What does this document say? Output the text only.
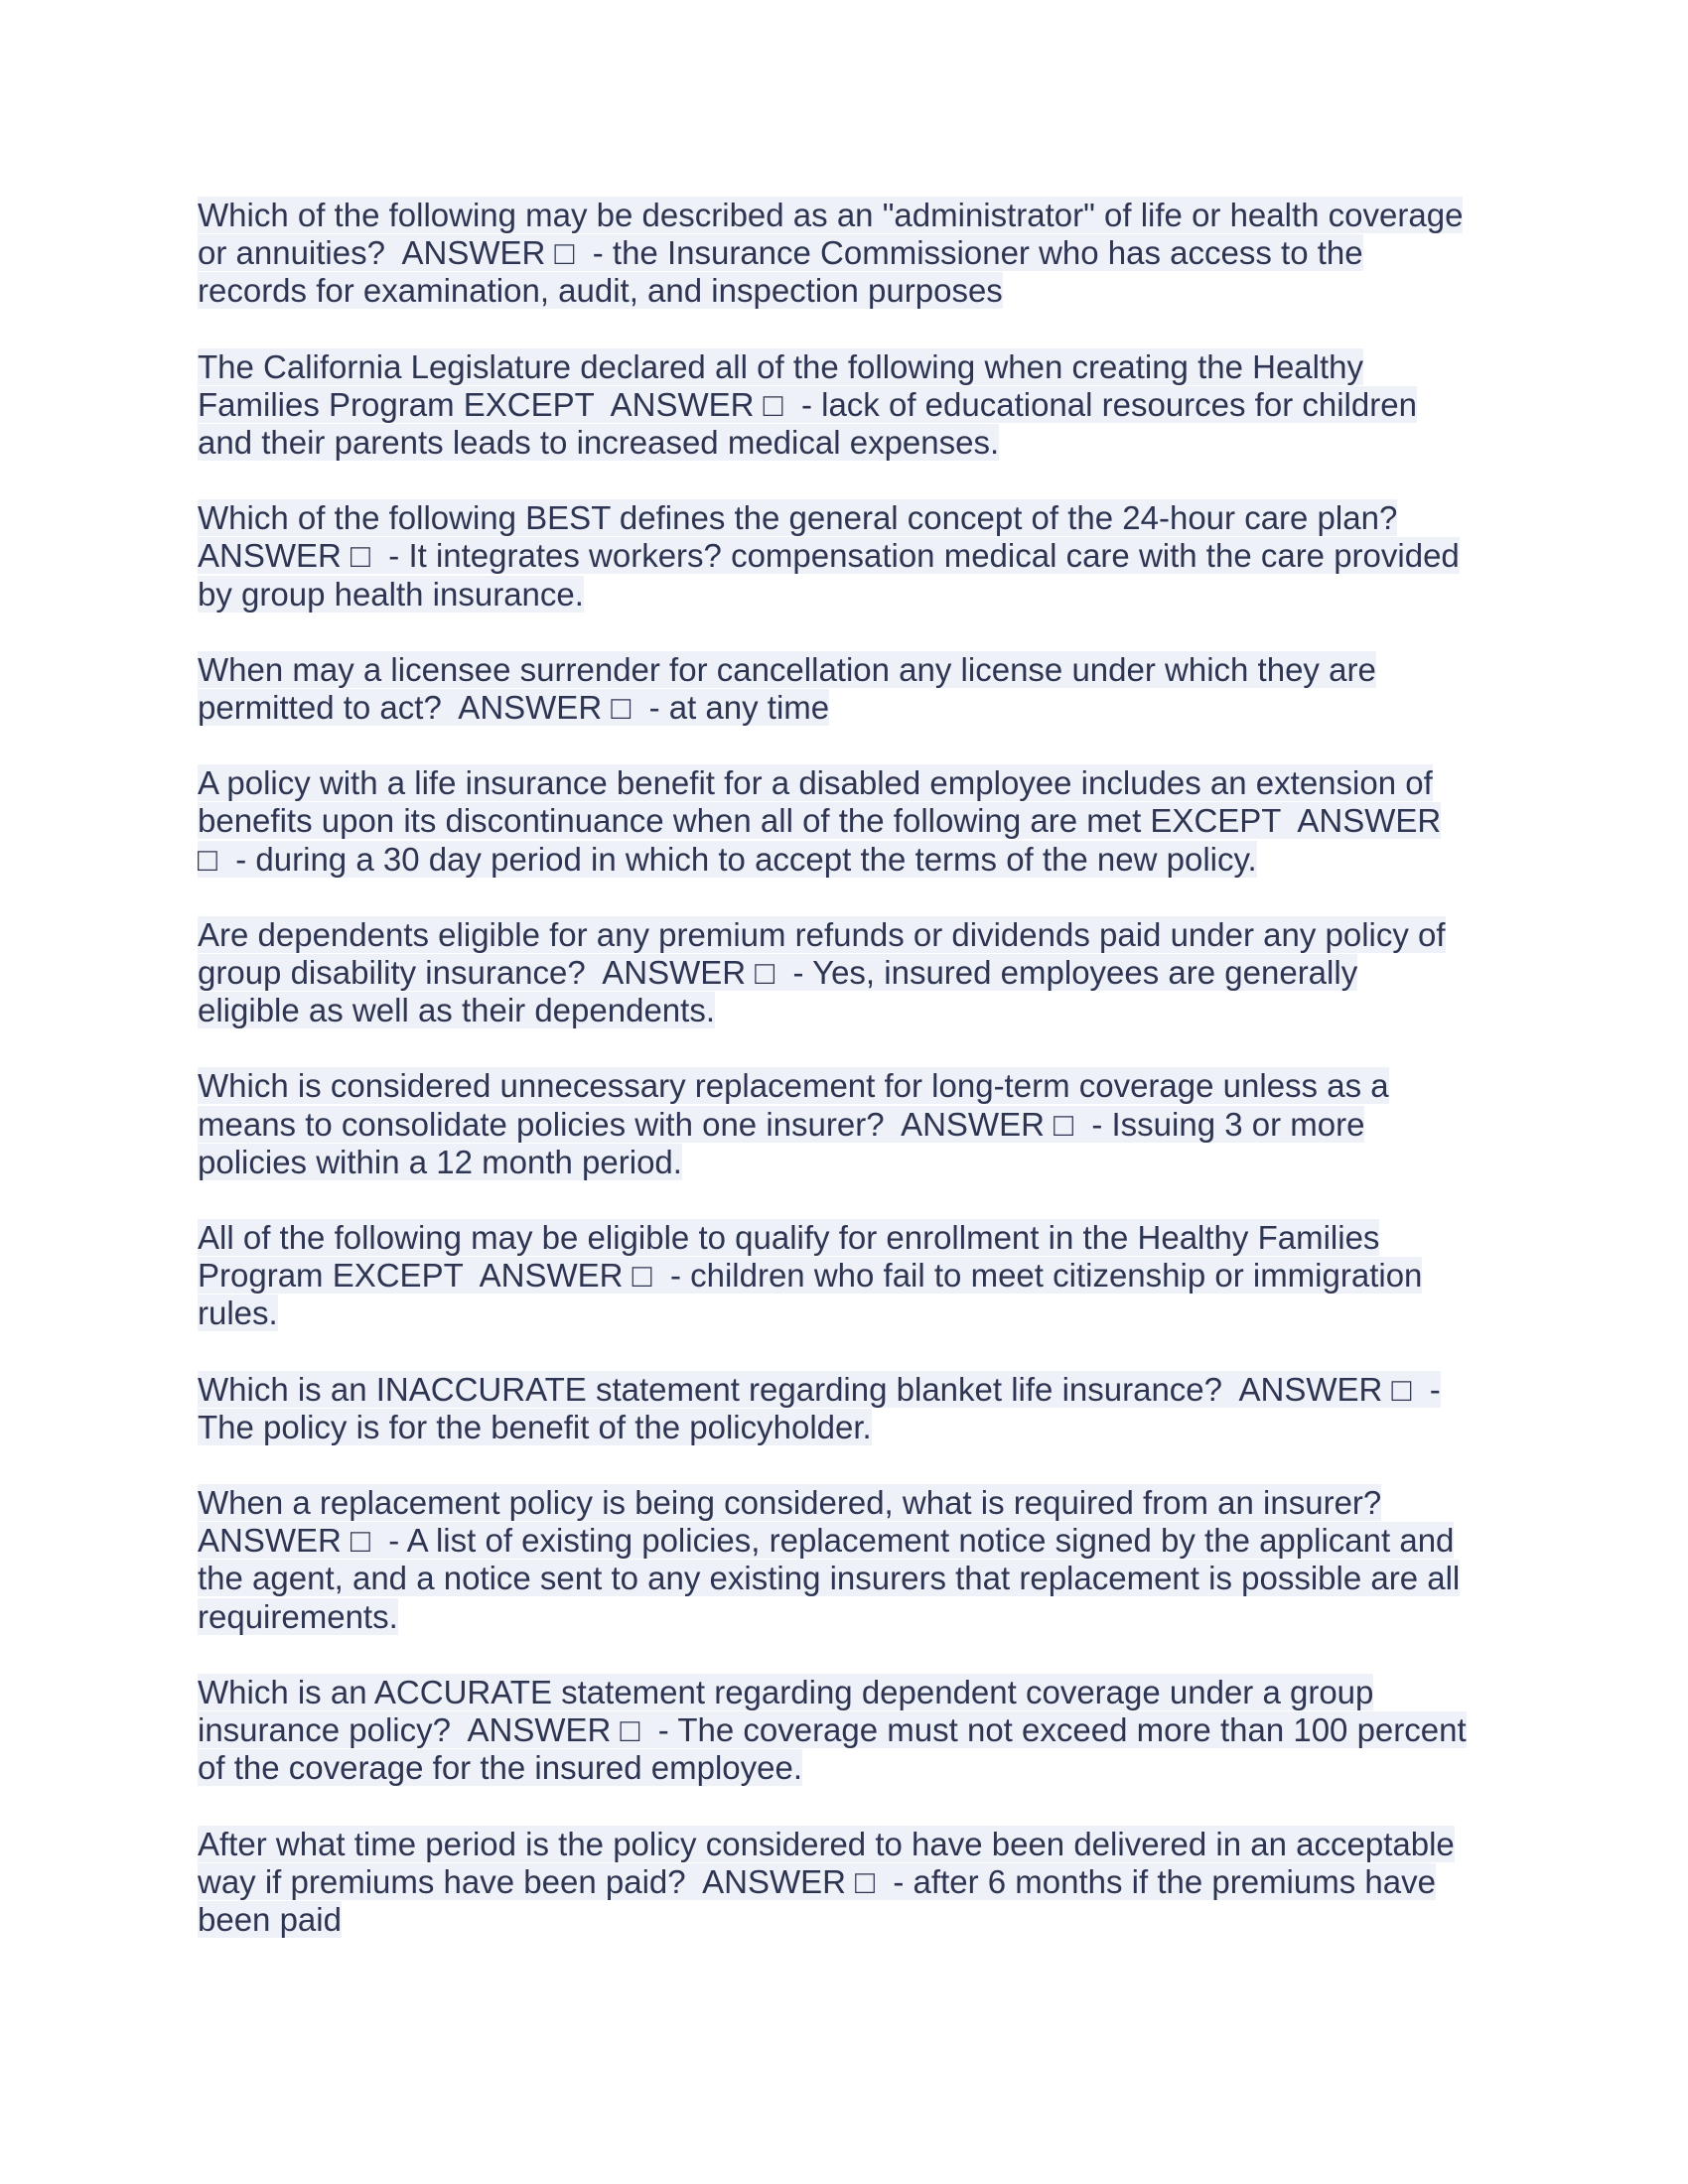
Which of the following may be described as an "administrator" of life or health coverage
or annuities?  ANSWER □  - the Insurance Commissioner who has access to the
records for examination, audit, and inspection purposes
The California Legislature declared all of the following when creating the Healthy
Families Program EXCEPT  ANSWER □  - lack of educational resources for children
and their parents leads to increased medical expenses.
Which of the following BEST defines the general concept of the 24-hour care plan?
ANSWER □  - It integrates workers? compensation medical care with the care provided
by group health insurance.
When may a licensee surrender for cancellation any license under which they are
permitted to act?  ANSWER □  - at any time
A policy with a life insurance benefit for a disabled employee includes an extension of
benefits upon its discontinuance when all of the following are met EXCEPT  ANSWER
□  - during a 30 day period in which to accept the terms of the new policy.
Are dependents eligible for any premium refunds or dividends paid under any policy of
group disability insurance?  ANSWER □  - Yes, insured employees are generally
eligible as well as their dependents.
Which is considered unnecessary replacement for long-term coverage unless as a
means to consolidate policies with one insurer?  ANSWER □  - Issuing 3 or more
policies within a 12 month period.
All of the following may be eligible to qualify for enrollment in the Healthy Families
Program EXCEPT  ANSWER □  - children who fail to meet citizenship or immigration
rules.
Which is an INACCURATE statement regarding blanket life insurance?  ANSWER □  -
The policy is for the benefit of the policyholder.
When a replacement policy is being considered, what is required from an insurer?
ANSWER □  - A list of existing policies, replacement notice signed by the applicant and
the agent, and a notice sent to any existing insurers that replacement is possible are all
requirements.
Which is an ACCURATE statement regarding dependent coverage under a group
insurance policy?  ANSWER □  - The coverage must not exceed more than 100 percent
of the coverage for the insured employee.
After what time period is the policy considered to have been delivered in an acceptable
way if premiums have been paid?  ANSWER □  - after 6 months if the premiums have
been paid
